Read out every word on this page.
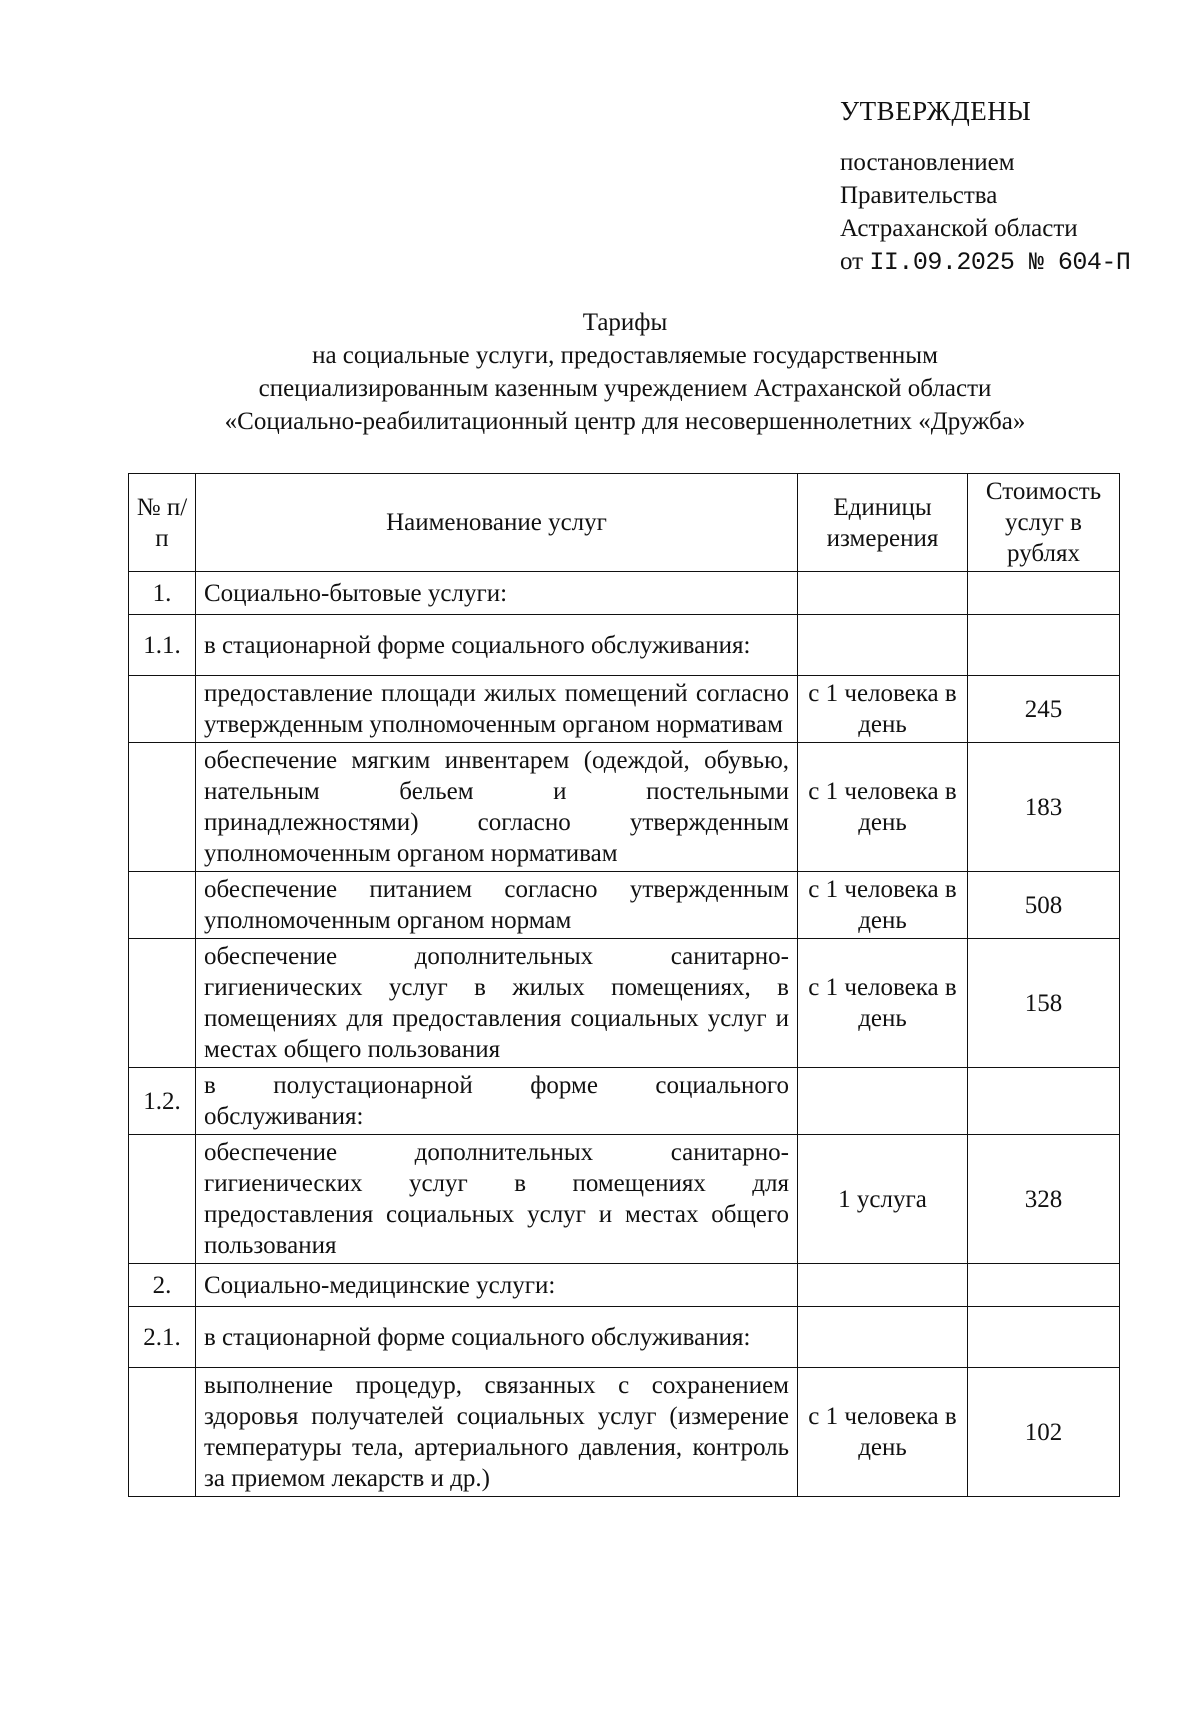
УТВЕРЖДЕНЫ
постановлением
Правительства
Астраханской области
от II.09.2025 № 604-П
Тарифы
на социальные услуги, предоставляемые государственным
специализированным казенным учреждением Астраханской области
«Социально-реабилитационный центр для несовершеннолетних «Дружба»
№ п/п	Наименование услуг	Единицы измерения	Стоимость услуг в рублях
1.	Социально-бытовые услуги:		
1.1.	в стационарной форме социального обслуживания:		
	предоставление площади жилых помещений согласно утвержденным уполномоченным органом нормативам	с 1 человека в день	245
	обеспечение мягким инвентарем (одеждой, обувью, нательным бельем и постельными принадлежностями) согласно утвержденным уполномоченным органом нормативам	с 1 человека в день	183
	обеспечение питанием согласно утвержденным уполномоченным органом нормам	с 1 человека в день	508
	обеспечение дополнительных санитарно-гигиенических услуг в жилых помещениях, в помещениях для предоставления социальных услуг и местах общего пользования	с 1 человека в день	158
1.2.	в полустационарной форме социального обслуживания:		
	обеспечение дополнительных санитарно-гигиенических услуг в помещениях для предоставления социальных услуг и местах общего пользования	1 услуга	328
2.	Социально-медицинские услуги:		
2.1.	в стационарной форме социального обслуживания:		
	выполнение процедур, связанных с сохранением здоровья получателей социальных услуг (измерение температуры тела, артериального давления, контроль за приемом лекарств и др.)	с 1 человека в день	102
